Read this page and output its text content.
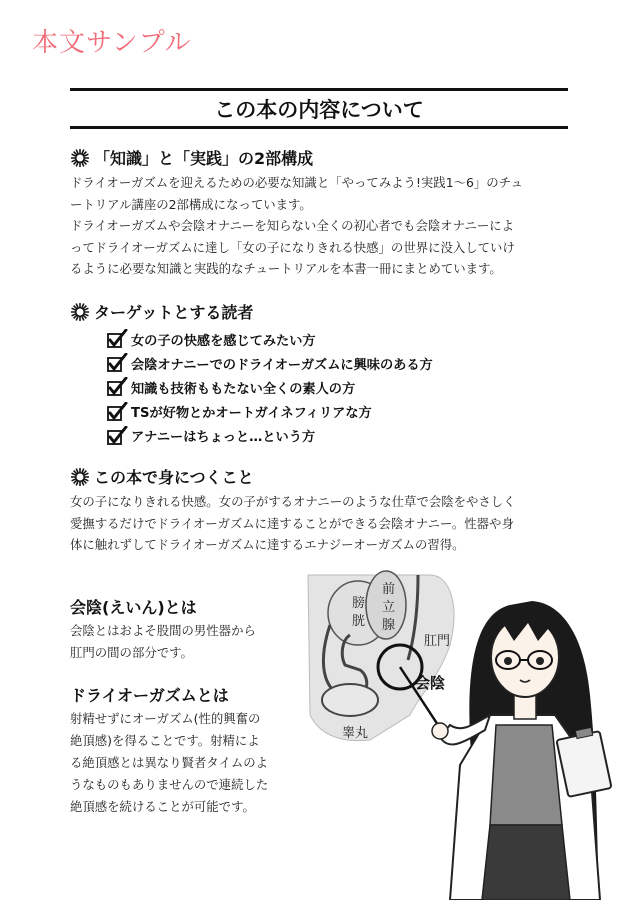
本文サンプル
この本の内容について
「知識」と「実践」の2部構成
ドライオーガズムを迎えるための必要な知識と「やってみよう!実践1〜6」のチュ
ートリアル講座の2部構成になっています。
ドライオーガズムや会陰オナニーを知らない全くの初心者でも会陰オナニーによ
ってドライオーガズムに達し「女の子になりきれる快感」の世界に没入していけ
るように必要な知識と実践的なチュートリアルを本書一冊にまとめています。
ターゲットとする読者
女の子の快感を感じてみたい方
会陰オナニーでのドライオーガズムに興味のある方
知識も技術ももたない全くの素人の方
TSが好物とかオートガイネフィリアな方
アナニーはちょっと…という方
この本で身につくこと
女の子になりきれる快感。女の子がするオナニーのような仕草で会陰をやさしく
愛撫するだけでドライオーガズムに達することができる会陰オナニー。性器や身
体に触れずしてドライオーガズムに達するエナジーオーガズムの習得。
会陰(えいん)とは
会陰とはおよそ股間の男性器から
肛門の間の部分です。
ドライオーガズムとは
射精せずにオーガズム(性的興奮の
絶頂感)を得ることです。射精によ
る絶頂感とは異なり賢者タイムのよ
うなものもありませんので連続した
絶頂感を続けることが可能です。
膀
胱
前
立
腺
肛門
会陰
睾丸
